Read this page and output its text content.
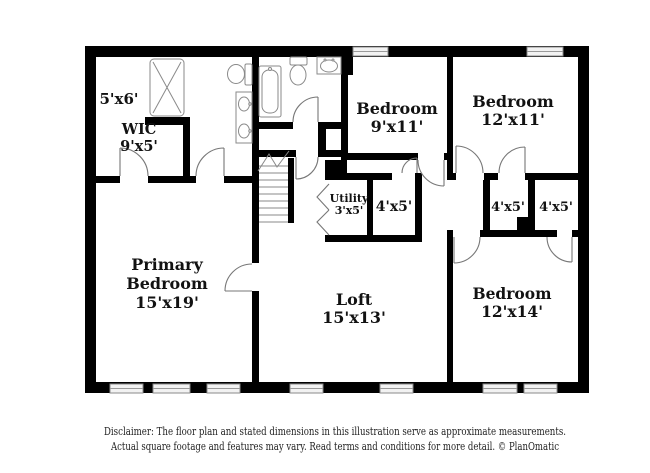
5'x6'
WIC
9'x5'
Bedroom
9'x11'
Bedroom
12'x11'
Utility
3'x5' 4'x5'	4'x5' 4'x5'
Primary
Bedroom
15'x19'	Loft
15'x13'
Bedroom
12'x14'
Disclaimer: The floor plan and stated dimensions in this illustration serve as approximate measurements.
Actual square footage and features may vary. Read terms and conditions for more detail. © PlanOmatic
